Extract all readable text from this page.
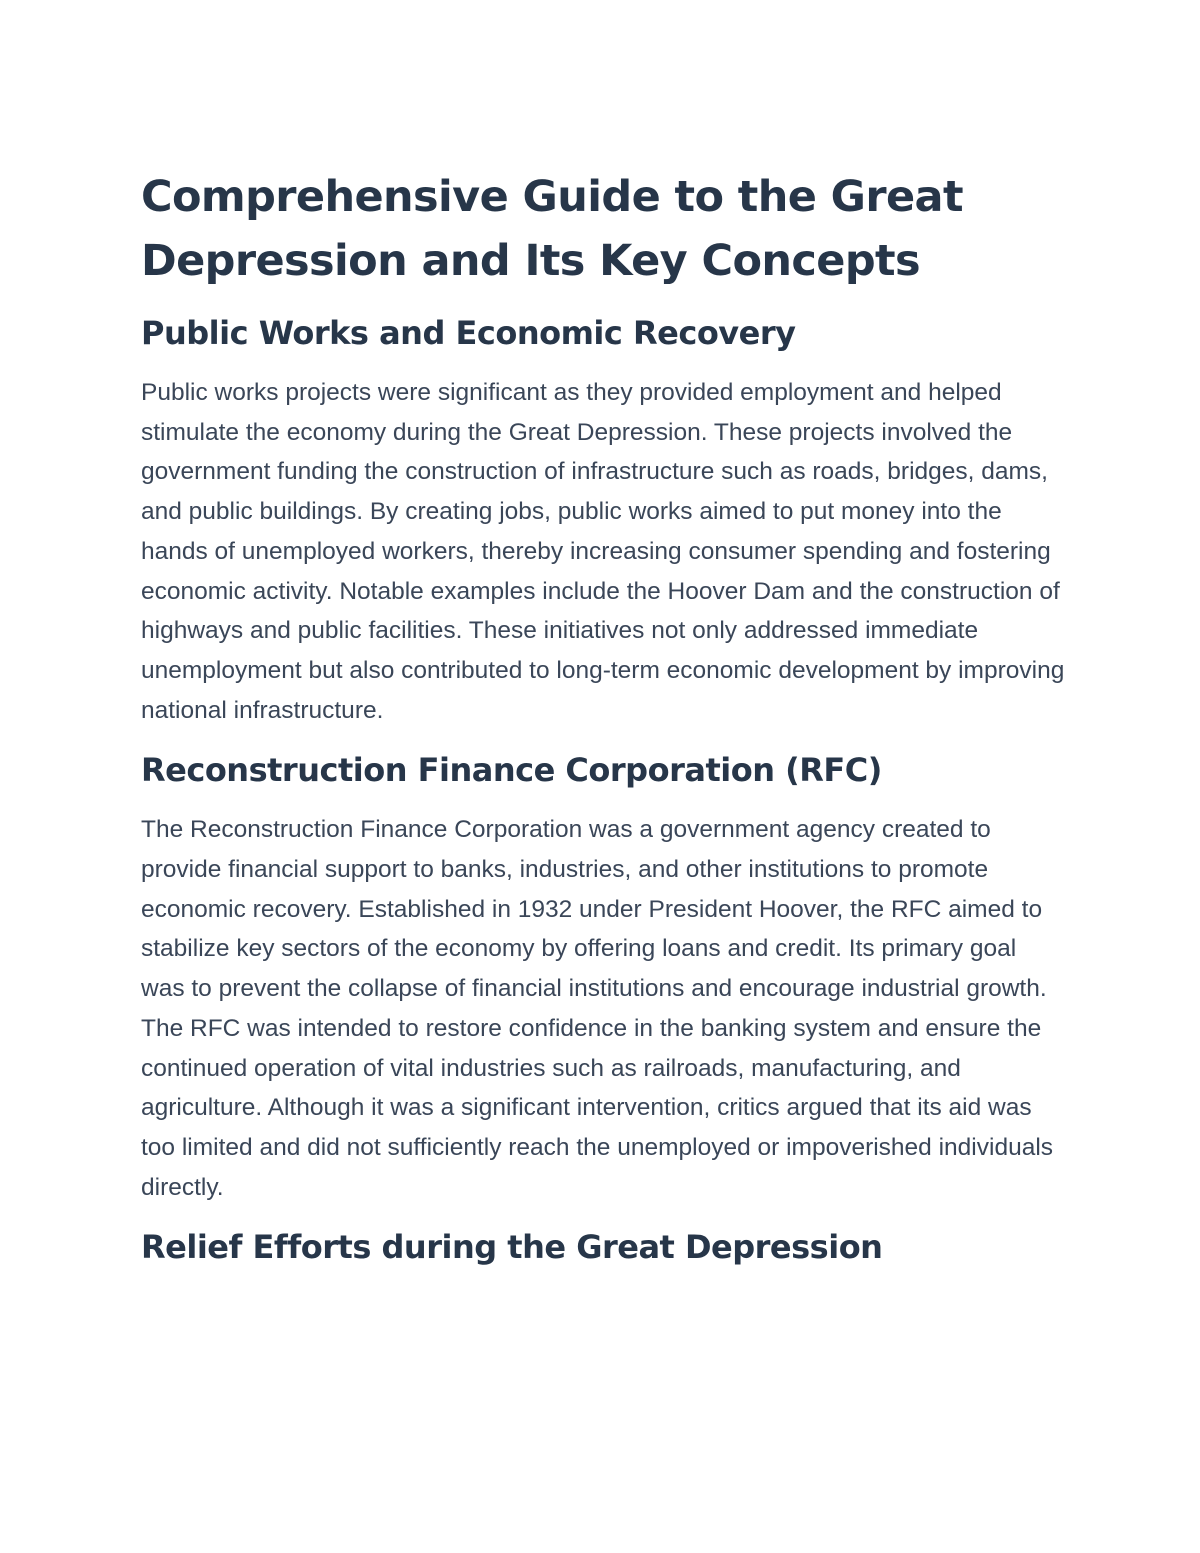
Comprehensive Guide to the Great Depression and Its Key Concepts
Public Works and Economic Recovery

Public works projects were significant as they provided employment and helped stimulate the economy during the Great Depression. These projects involved the government funding the construction of infrastructure such as roads, bridges, dams, and public buildings. By creating jobs, public works aimed to put money into the hands of unemployed workers, thereby increasing consumer spending and fostering economic activity. Notable examples include the Hoover Dam and the construction of highways and public facilities. These initiatives not only addressed immediate unemployment but also contributed to long-term economic development by improving national infrastructure.

Reconstruction Finance Corporation (RFC)

The Reconstruction Finance Corporation was a government agency created to provide financial support to banks, industries, and other institutions to promote economic recovery. Established in 1932 under President Hoover, the RFC aimed to stabilize key sectors of the economy by offering loans and credit. Its primary goal was to prevent the collapse of financial institutions and encourage industrial growth. The RFC was intended to restore confidence in the banking system and ensure the continued operation of vital industries such as railroads, manufacturing, and agriculture. Although it was a significant intervention, critics argued that its aid was too limited and did not sufficiently reach the unemployed or impoverished individuals directly.

Relief Efforts during the Great Depression
